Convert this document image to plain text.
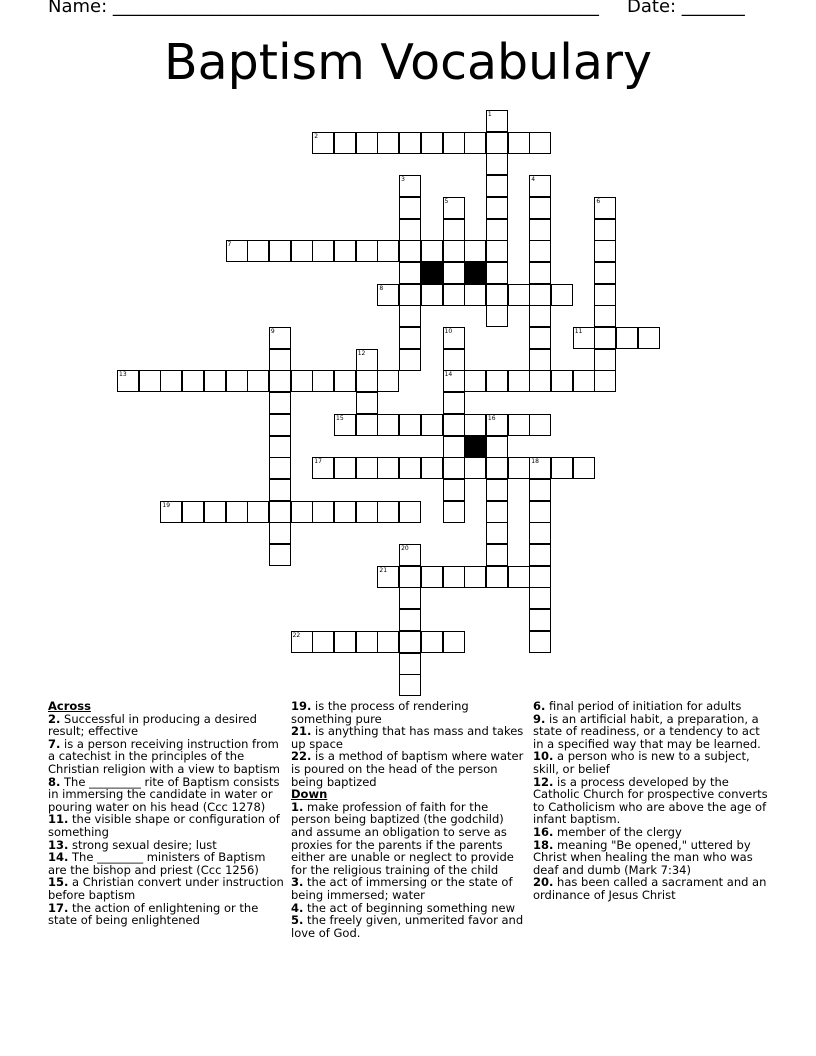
Name: ______________________________________________________ Date: _______
Baptism Vocabulary
2
7
8
11
13	14
15	16
17	18
19
21
22
1
3	4
5	6
9	10
12
20
Across
2. Successful in producing a desired result; effective
7. is a person receiving instruction from a catechist in the principles of the Christian religion with a view to baptism
8. The _________ rite of Baptism consists in immersing the candidate in water or pouring water on his head (Ccc 1278)
11. the visible shape or configuration of something
13. strong sexual desire; lust
14. The ________ ministers of Baptism are the bishop and priest (Ccc 1256)
15. a Christian convert under instruction before baptism
17. the action of enlightening or the state of being enlightened
19. is the process of rendering something pure
21. is anything that has mass and takes up space
22. is a method of baptism where water is poured on the head of the person being baptized
Down
1. make profession of faith for the person being baptized (the godchild) and assume an obligation to serve as proxies for the parents if the parents either are unable or neglect to provide for the religious training of the child
3. the act of immersing or the state of being immersed; water
4. the act of beginning something new
5. the freely given, unmerited favor and love of God.
6. final period of initiation for adults
9. is an artificial habit, a preparation, a state of readiness, or a tendency to act in a specified way that may be learned.
10. a person who is new to a subject, skill, or belief
12. is a process developed by the Catholic Church for prospective converts to Catholicism who are above the age of infant baptism.
16. member of the clergy
18. meaning "Be opened," uttered by Christ when healing the man who was deaf and dumb (Mark 7:34)
20. has been called a sacrament and an ordinance of Jesus Christ
